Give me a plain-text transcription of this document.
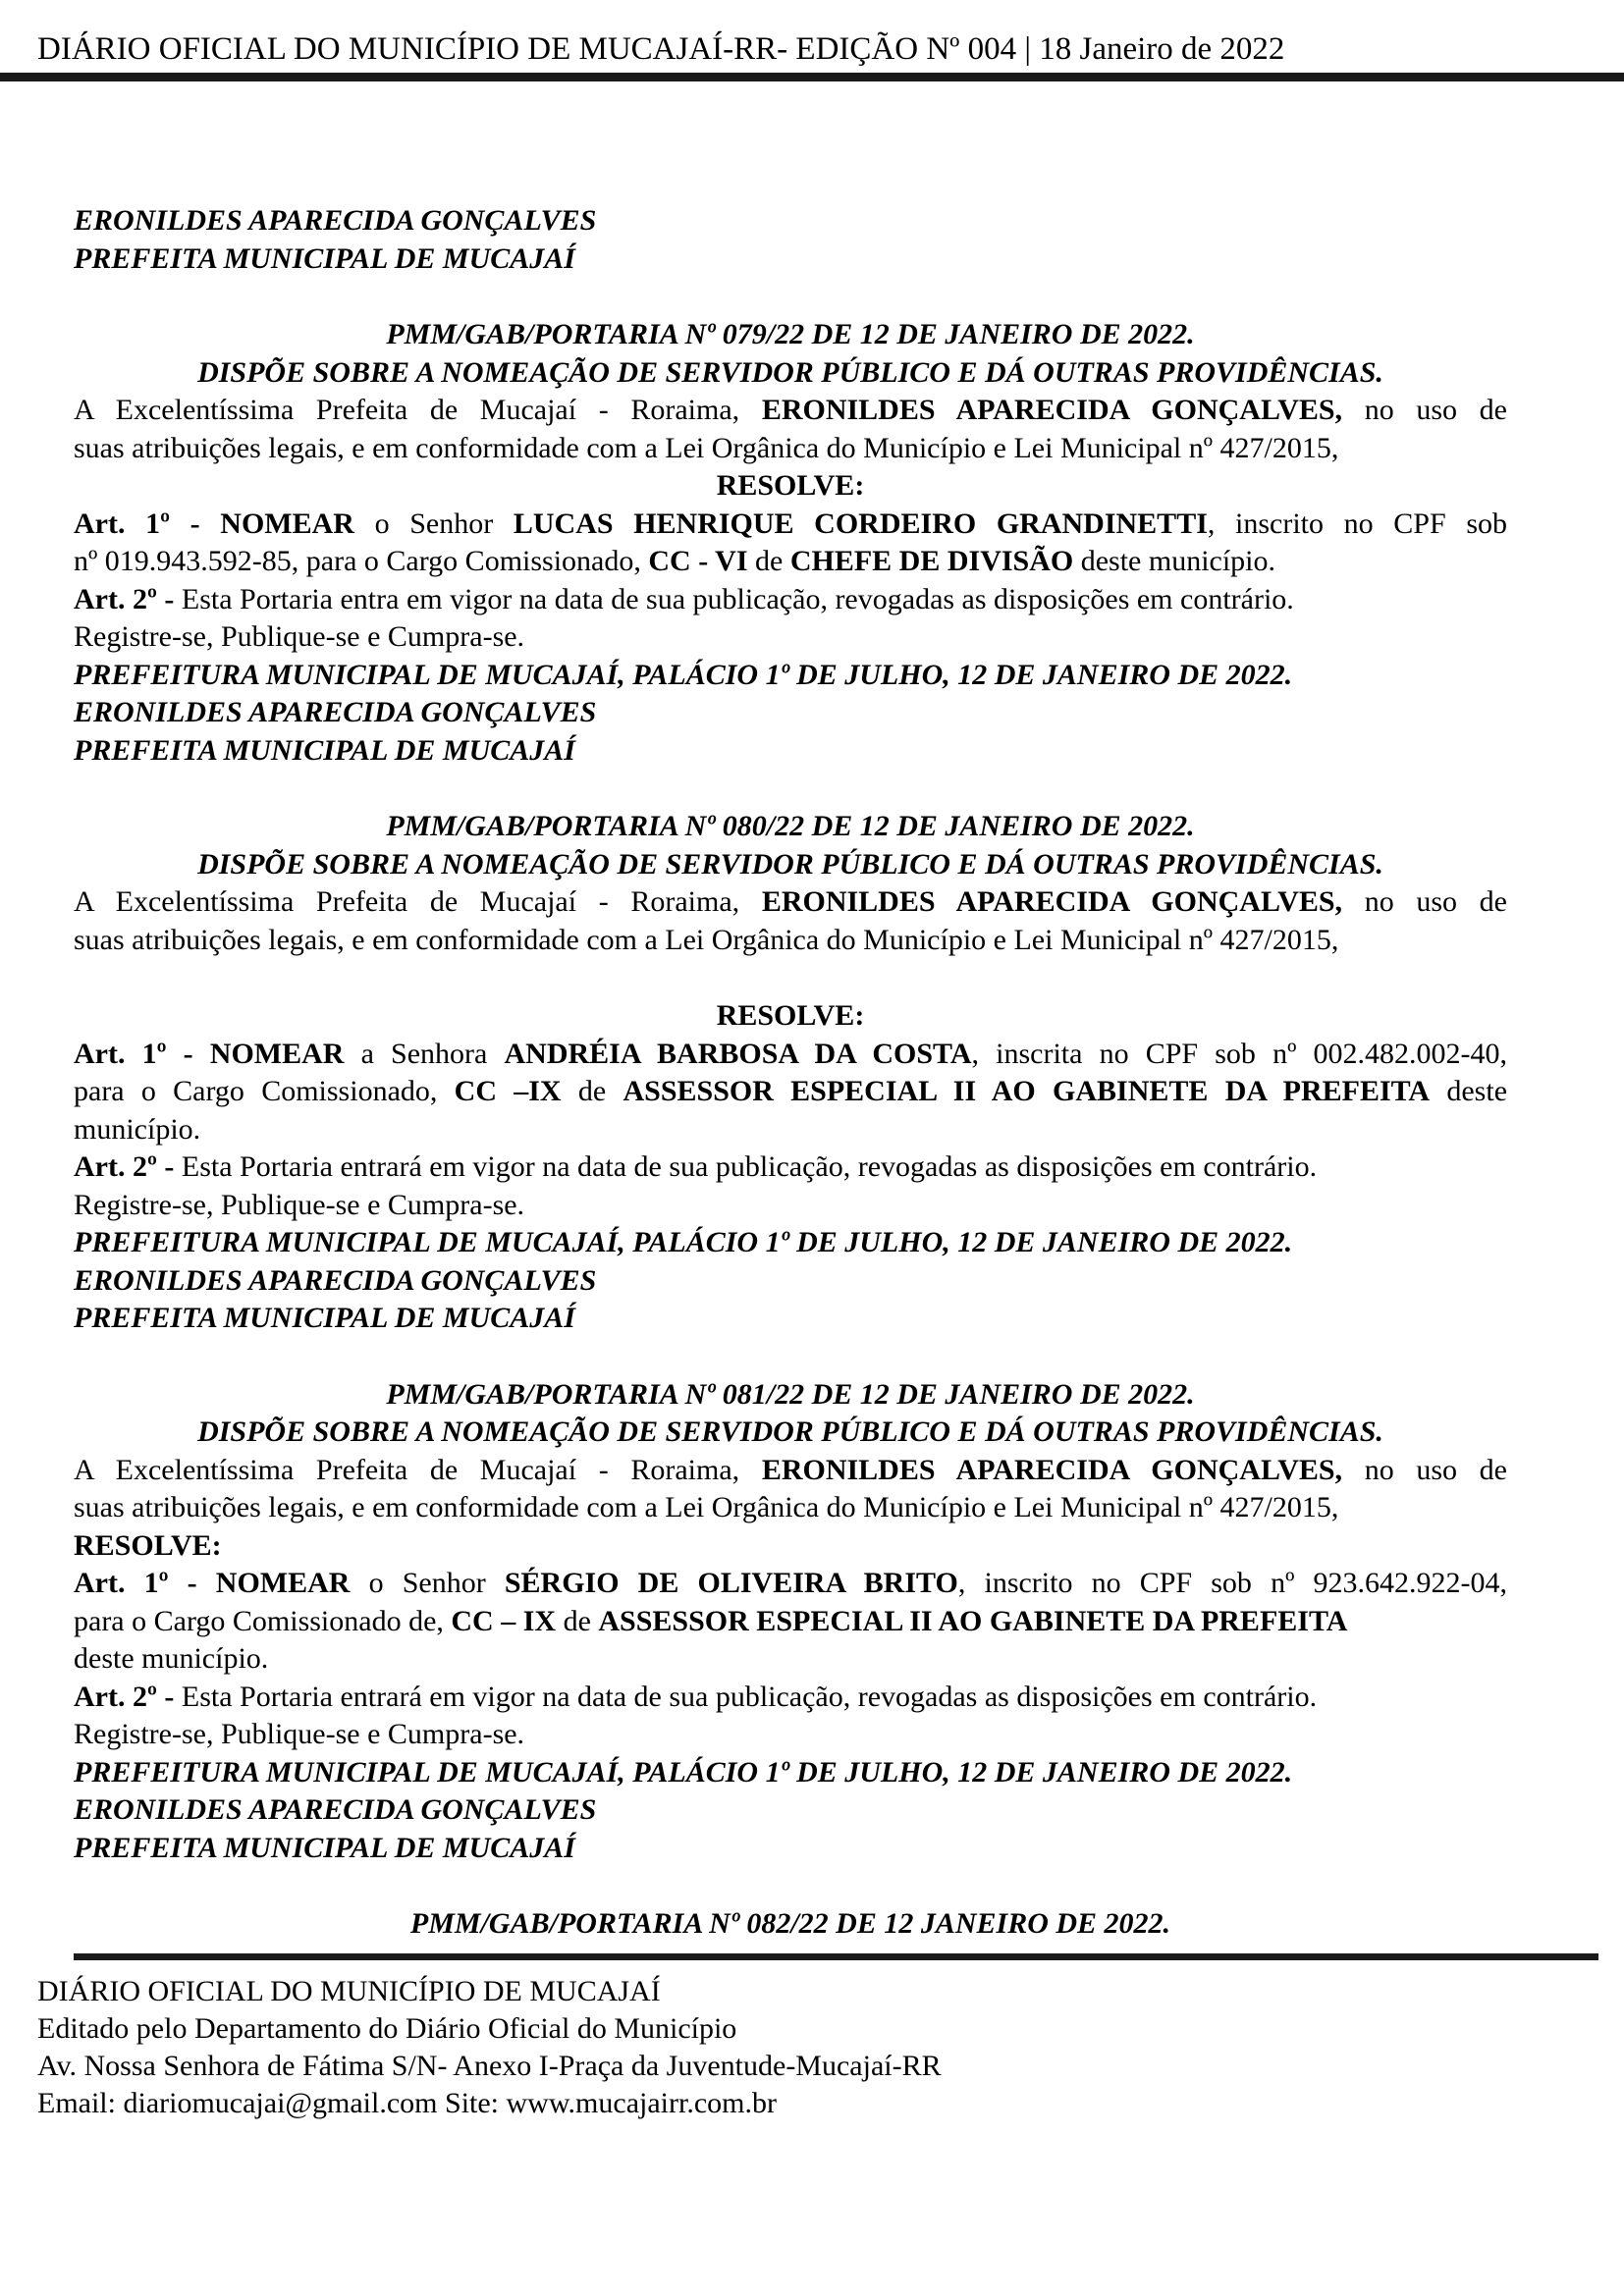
DIÁRIO OFICIAL DO MUNICÍPIO DE MUCAJAÍ-RR- EDIÇÃO Nº 004 | 18 Janeiro de 2022
ERONILDES APARECIDA GONÇALVES
PREFEITA MUNICIPAL DE MUCAJAÍ
PMM/GAB/PORTARIA Nº 079/22 DE 12 DE JANEIRO DE 2022.
DISPÕE SOBRE A NOMEAÇÃO DE SERVIDOR PÚBLICO E DÁ OUTRAS PROVIDÊNCIAS.
A Excelentíssima Prefeita de Mucajaí - Roraima, ERONILDES APARECIDA GONÇALVES, no uso de
suas atribuições legais, e em conformidade com a Lei Orgânica do Município e Lei Municipal nº 427/2015,
RESOLVE:
Art. 1º - NOMEAR o Senhor LUCAS HENRIQUE CORDEIRO GRANDINETTI, inscrito no CPF sob
nº 019.943.592-85, para o Cargo Comissionado, CC - VI de CHEFE DE DIVISÃO deste município.
Art. 2º - Esta Portaria entra em vigor na data de sua publicação, revogadas as disposições em contrário.
Registre-se, Publique-se e Cumpra-se.
PREFEITURA MUNICIPAL DE MUCAJAÍ, PALÁCIO 1º DE JULHO, 12 DE JANEIRO DE 2022.
ERONILDES APARECIDA GONÇALVES
PREFEITA MUNICIPAL DE MUCAJAÍ
PMM/GAB/PORTARIA Nº 080/22 DE 12 DE JANEIRO DE 2022.
DISPÕE SOBRE A NOMEAÇÃO DE SERVIDOR PÚBLICO E DÁ OUTRAS PROVIDÊNCIAS.
A Excelentíssima Prefeita de Mucajaí - Roraima, ERONILDES APARECIDA GONÇALVES, no uso de
suas atribuições legais, e em conformidade com a Lei Orgânica do Município e Lei Municipal nº 427/2015,
RESOLVE:
Art. 1º - NOMEAR a Senhora ANDRÉIA BARBOSA DA COSTA, inscrita no CPF sob nº 002.482.002-40,
para o Cargo Comissionado, CC –IX de ASSESSOR ESPECIAL II AO GABINETE DA PREFEITA deste
município.
Art. 2º - Esta Portaria entrará em vigor na data de sua publicação, revogadas as disposições em contrário.
Registre-se, Publique-se e Cumpra-se.
PREFEITURA MUNICIPAL DE MUCAJAÍ, PALÁCIO 1º DE JULHO, 12 DE JANEIRO DE 2022.
ERONILDES APARECIDA GONÇALVES
PREFEITA MUNICIPAL DE MUCAJAÍ
PMM/GAB/PORTARIA Nº 081/22 DE 12 DE JANEIRO DE 2022.
DISPÕE SOBRE A NOMEAÇÃO DE SERVIDOR PÚBLICO E DÁ OUTRAS PROVIDÊNCIAS.
A Excelentíssima Prefeita de Mucajaí - Roraima, ERONILDES APARECIDA GONÇALVES, no uso de
suas atribuições legais, e em conformidade com a Lei Orgânica do Município e Lei Municipal nº 427/2015,
RESOLVE:
Art. 1º - NOMEAR o Senhor SÉRGIO DE OLIVEIRA BRITO, inscrito no CPF sob nº 923.642.922-04,
para o Cargo Comissionado de, CC – IX de ASSESSOR ESPECIAL II AO GABINETE DA PREFEITA
deste município.
Art. 2º - Esta Portaria entrará em vigor na data de sua publicação, revogadas as disposições em contrário.
Registre-se, Publique-se e Cumpra-se.
PREFEITURA MUNICIPAL DE MUCAJAÍ, PALÁCIO 1º DE JULHO, 12 DE JANEIRO DE 2022.
ERONILDES APARECIDA GONÇALVES
PREFEITA MUNICIPAL DE MUCAJAÍ
PMM/GAB/PORTARIA Nº 082/22 DE 12 JANEIRO DE 2022.
DIÁRIO OFICIAL DO MUNICÍPIO DE MUCAJAÍ
Editado pelo Departamento do Diário Oficial do Município
Av. Nossa Senhora de Fátima S/N- Anexo I-Praça da Juventude-Mucajaí-RR
Email: diariomucajai@gmail.com Site: www.mucajairr.com.br
